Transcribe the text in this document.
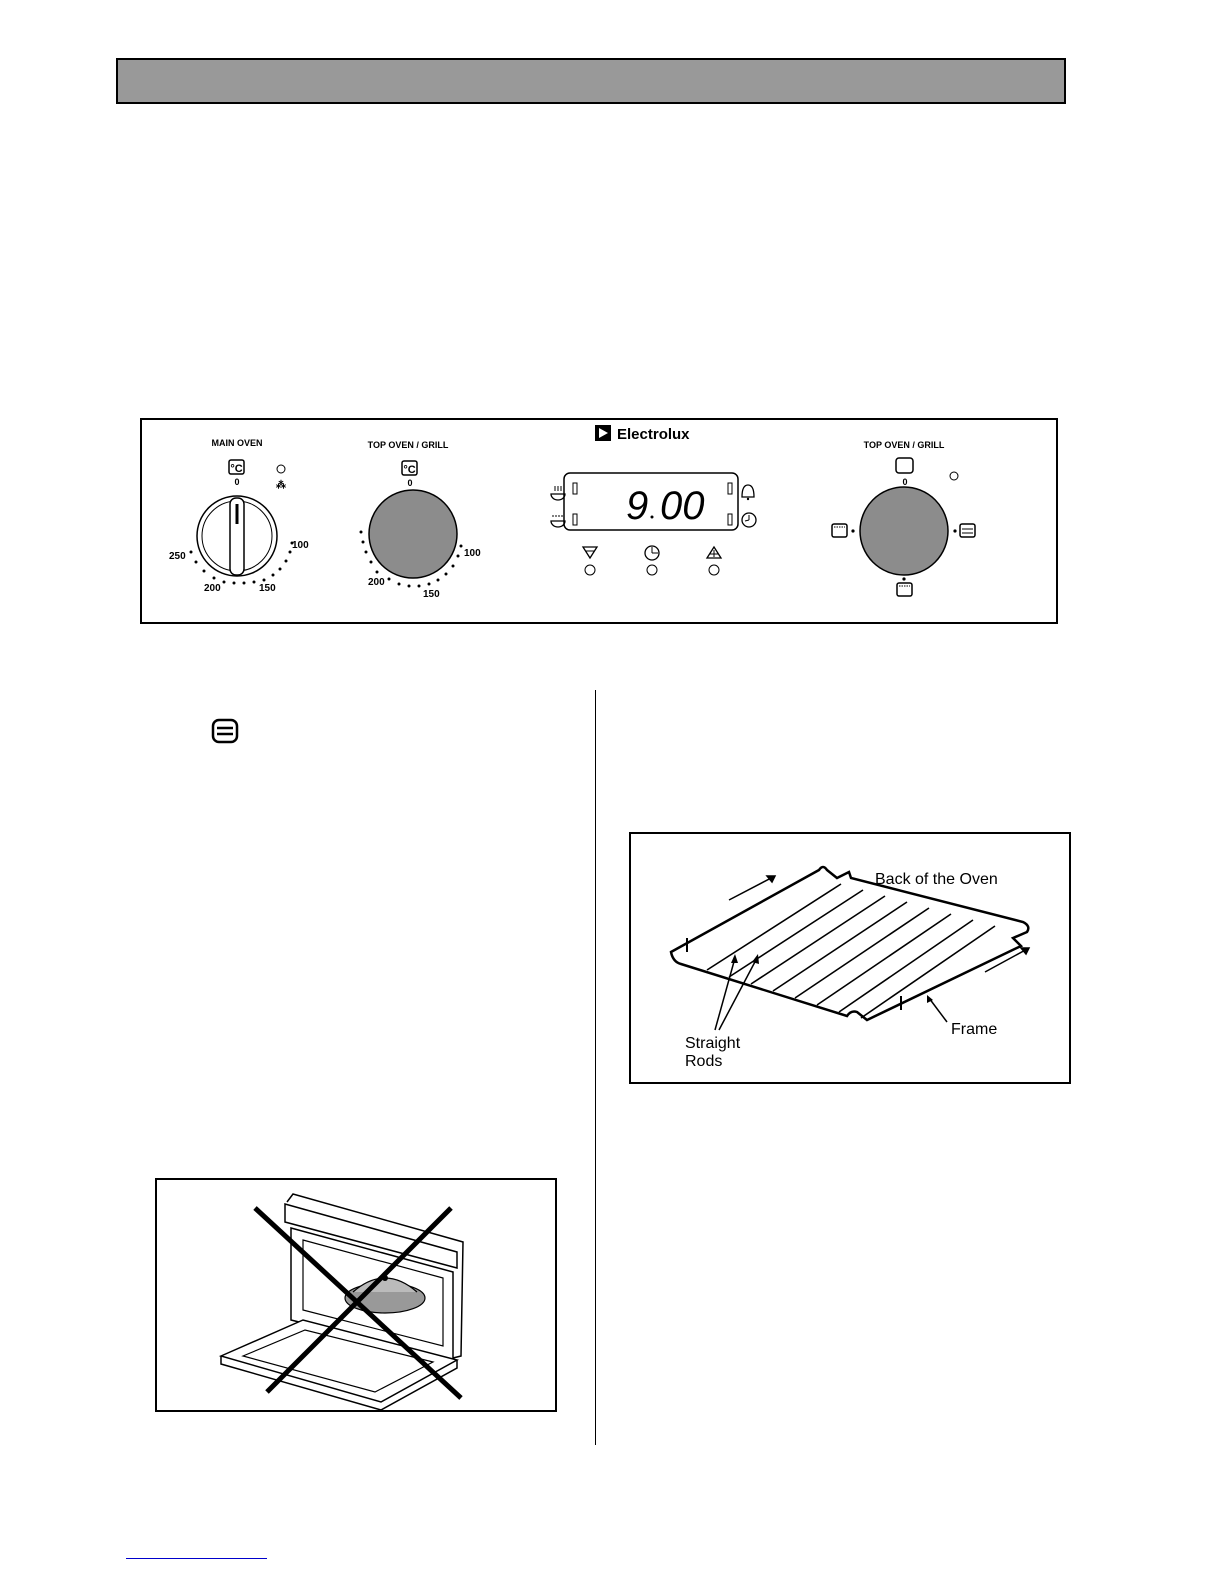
MAIN OVEN
°C
0	⁂
100
150
200
250
TOP OVEN / GRILL
°C
0
100
150
200
Electrolux
9 00
TOP OVEN / GRILL
0
Back of the Oven
Frame
Straight
Rods
